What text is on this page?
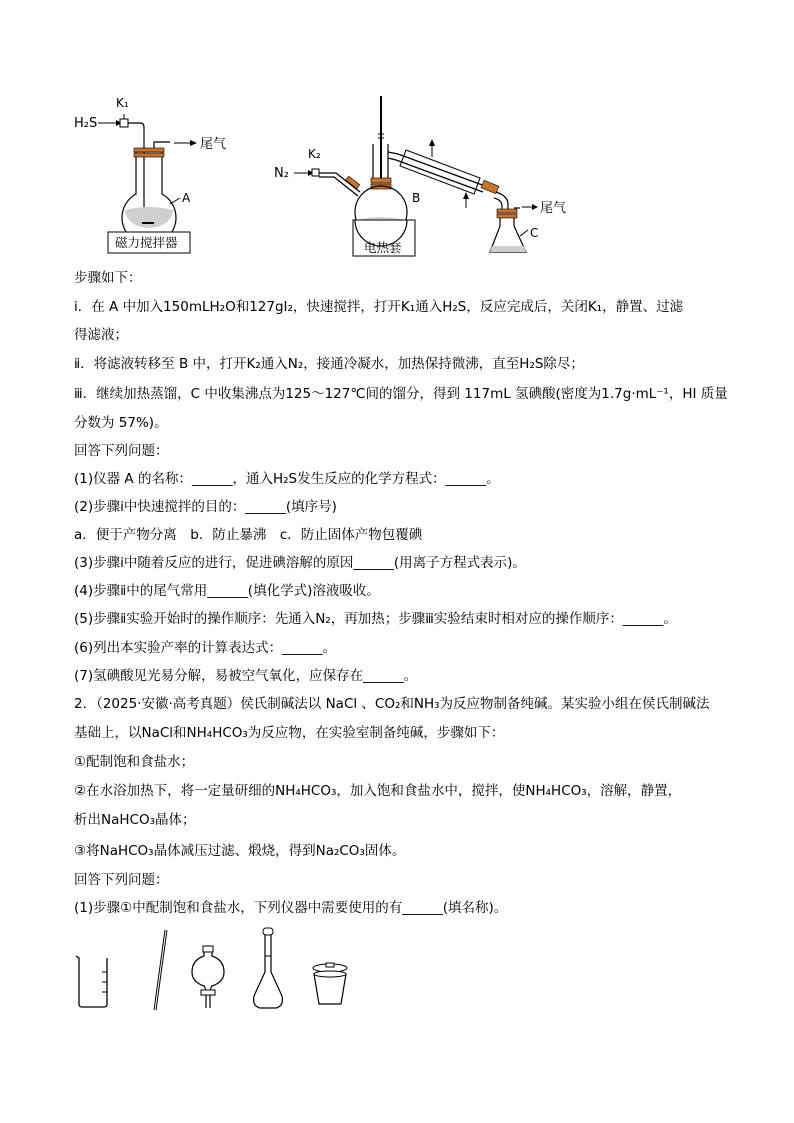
H₂S
K₁
尾气
A
磁力搅拌器
N₂
K₂
B
电热套
尾气
C
步骤如下：
ⅰ．在 A 中加入150mLH₂O和127gI₂，快速搅拌，打开K₁通入H₂S，反应完成后，关闭K₁，静置、过滤
得滤液；
ⅱ．将滤液转移至 B 中，打开K₂通入N₂，接通冷凝水，加热保持微沸，直至H₂S除尽；
ⅲ．继续加热蒸馏，C 中收集沸点为125～127℃间的馏分，得到 117mL 氢碘酸(密度为1.7g·mL⁻¹，HI 质量
分数为 57%)。
回答下列问题：
(1)仪器 A 的名称：______，通入H₂S发生反应的化学方程式：______。
(2)步骤ⅰ中快速搅拌的目的：______(填序号)
a．便于产物分离　b．防止暴沸　c．防止固体产物包覆碘
(3)步骤ⅰ中随着反应的进行，促进碘溶解的原因______(用离子方程式表示)。
(4)步骤ⅱ中的尾气常用______(填化学式)溶液吸收。
(5)步骤ⅱ实验开始时的操作顺序：先通入N₂，再加热；步骤ⅲ实验结束时相对应的操作顺序：______。
(6)列出本实验产率的计算表达式：______。
(7)氢碘酸见光易分解，易被空气氧化，应保存在______。
2．（2025·安徽·高考真题）侯氏制碱法以 NaCl 、CO₂和NH₃为反应物制备纯碱。某实验小组在侯氏制碱法
基础上，以NaCl和NH₄HCO₃为反应物，在实验室制备纯碱，步骤如下：
①配制饱和食盐水；
②在水浴加热下，将一定量研细的NH₄HCO₃，加入饱和食盐水中，搅拌，使NH₄HCO₃，溶解，静置，
析出NaHCO₃晶体；
③将NaHCO₃晶体减压过滤、煅烧，得到Na₂CO₃固体。
回答下列问题：
(1)步骤①中配制饱和食盐水，下列仪器中需要使用的有______(填名称)。
